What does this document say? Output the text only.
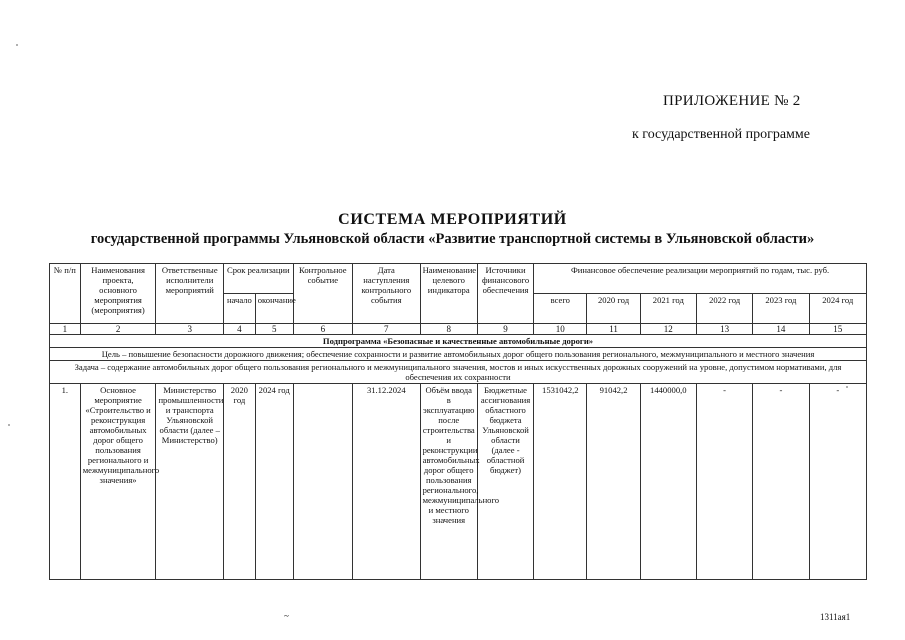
ПРИЛОЖЕНИЕ № 2
к государственной программе
СИСТЕМА МЕРОПРИЯТИЙ
государственной программы Ульяновской области «Развитие транспортной системы в Ульяновской области»
№ п/п	Наименования проекта, основного мероприятия (мероприятия)	Ответственные исполнители мероприятий	Срок реализации		Контрольное событие	Дата наступления контрольного события	Наименование целевого индикатора	Источники финансового обеспечения	Финансовое обеспечение реализации мероприятий по годам, тыс. руб.					
			начало	окончание					всего	2020 год	2021 год	2022 год	2023 год	2024 год
1	2	3	4	5	6	7	8	9	10	11	12	13	14	15
Подпрограмма «Безопасные и качественные автомобильные дороги»														
Цель – повышение безопасности дорожного движения; обеспечение сохранности и развитие автомобильных дорог общего пользования регионального, межмуниципального и местного значения														
Задача – содержание автомобильных дорог общего пользования регионального и межмуниципального значения, мостов и иных искусственных дорожных сооружений на уровне, допустимом нормативами, для обеспечения их сохранности														
1.	Основное мероприятие «Строительство и реконструкция автомобильных дорог общего пользования регионального и межмуниципального значения»	Министерство промышленности и транспорта Ульяновской области (далее – Министерство)	2020 год	2024 год		31.12.2024	Объём ввода в эксплуатацию после строительства и реконструкции автомобильных дорог общего пользования регионального, межмуниципального и местного значения	Бюджетные ассигнования областного бюджета Ульяновской области (далее - областной бюджет)	1531042,2	91042,2	1440000,0	-	-	-
~	1311ая1
